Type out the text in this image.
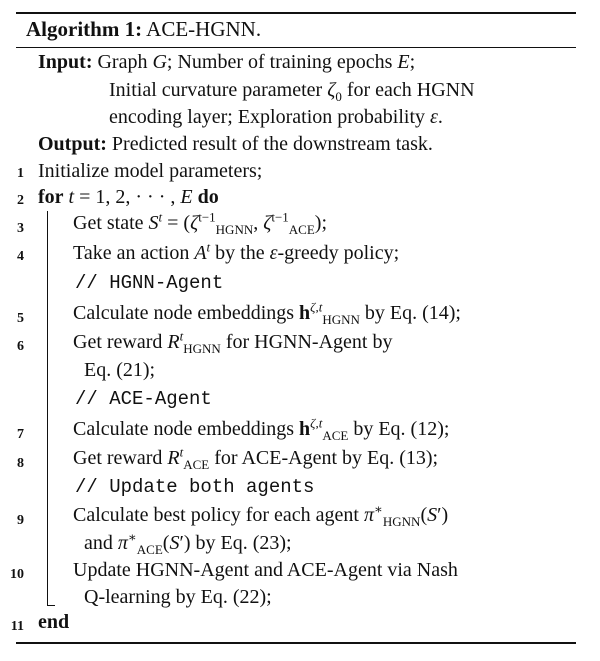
Algorithm 1: ACE-HGNN.
Input: Graph G; Number of training epochs E;
Initial curvature parameter $\zeta_0$ for each HGNN
encoding layer; Exploration probability ε.
Output: Predicted result of the downstream task.
1 Initialize model parameters;
2 for t = 1, 2, · · · , E do
3 Get state $S^t = (\zeta^{t-1}_{HGNN}$, $\zeta^{t-1}_{ACE}$);
4 Take an action $A^t$ by the ε-greedy policy;
// HGNN-Agent
5 Calculate node embeddings $h^{\zeta,t}_{HGNN}$ by Eq. (14);
6 Get reward $R^t_{HGNN}$ for HGNN-Agent by
Eq. (21);
// ACE-Agent
7 Calculate node embeddings $h^{\zeta,t}_{ACE}$ by Eq. (12);
8 Get reward $R^t_{ACE}$ for ACE-Agent by Eq. (13);
// Update both agents
9 Calculate best policy for each agent $\pi^∗_{HGNN}(S')$
and $\pi^∗_{ACE}(S')$ by Eq. (23);
10 Update HGNN-Agent and ACE-Agent via Nash
Q-learning by Eq. (22);
11 end
